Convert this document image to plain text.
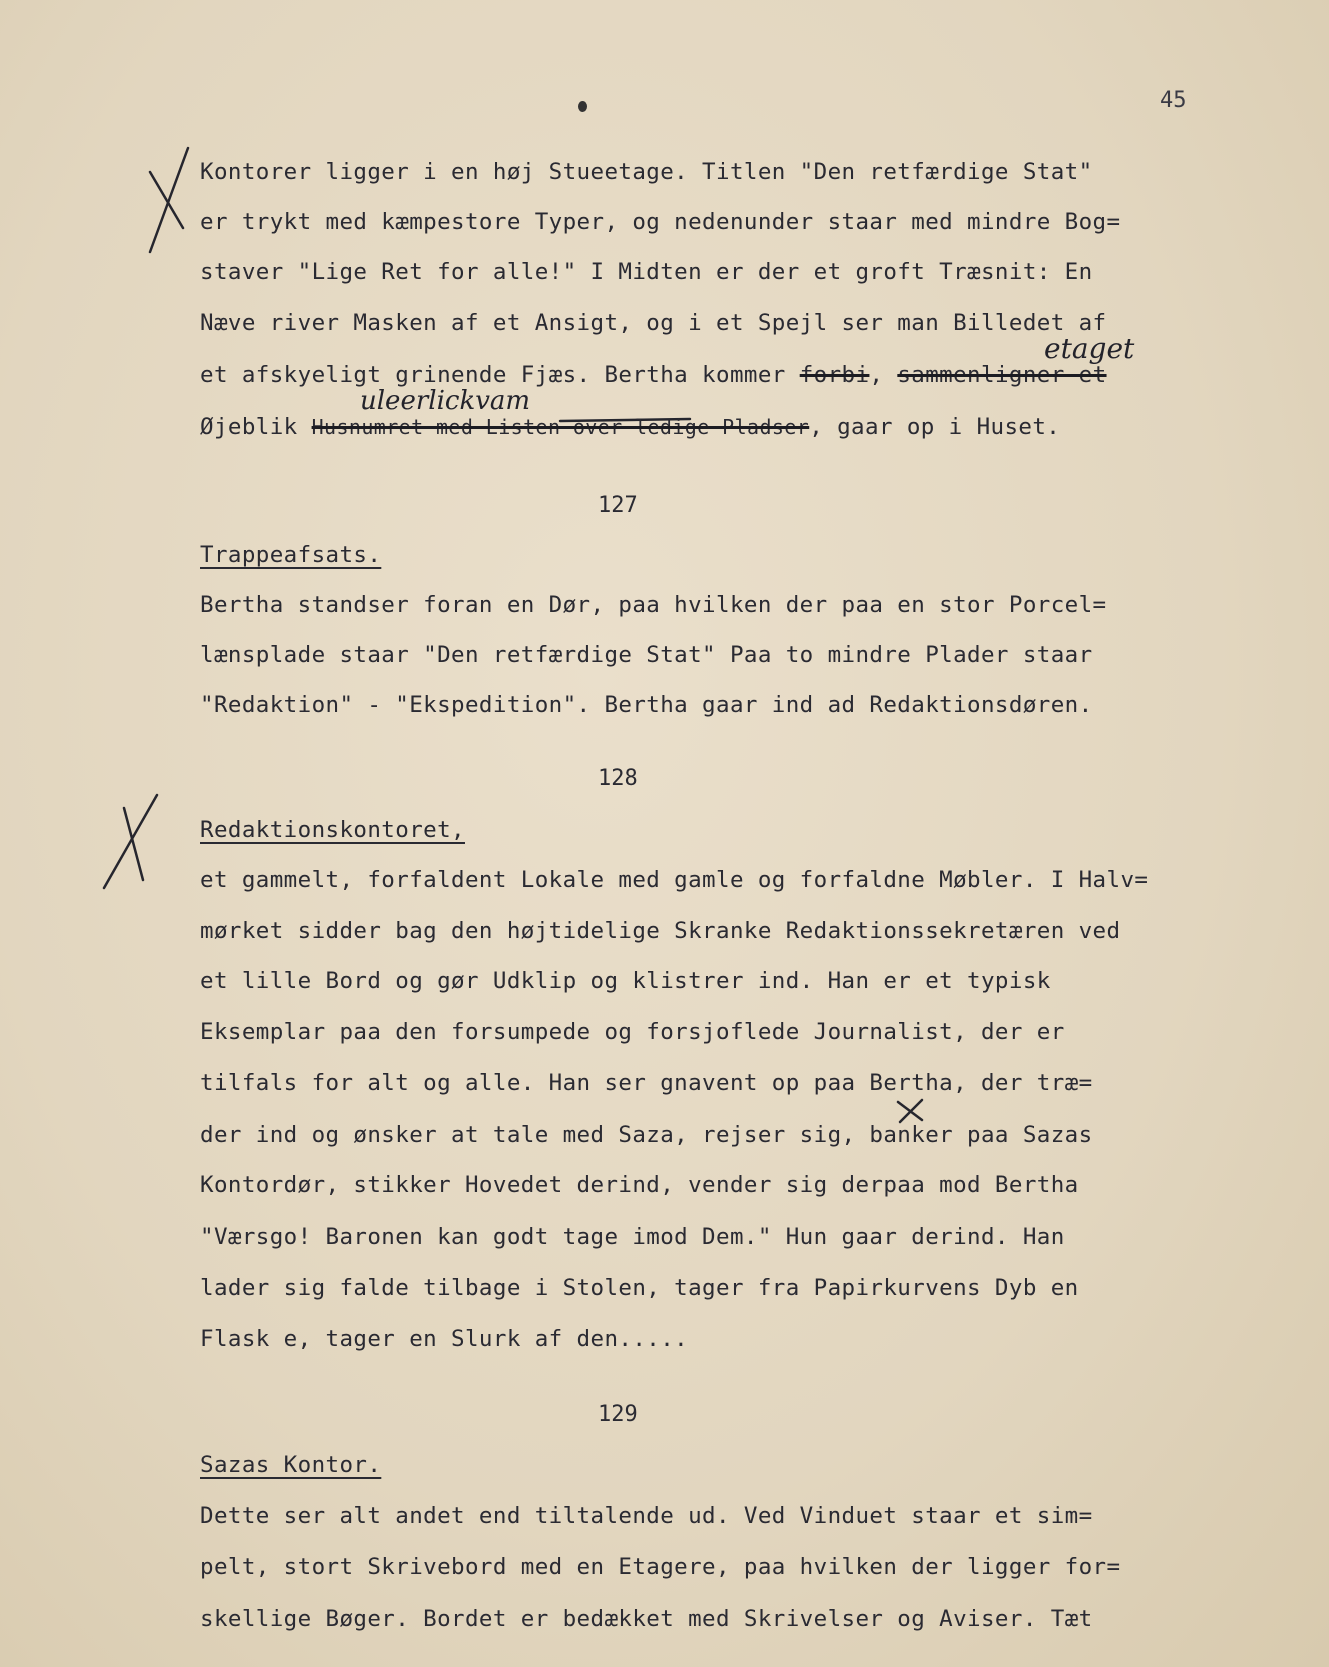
45
Kontorer ligger i en høj Stueetage. Titlen "Den retfærdige Stat"
er trykt med kæmpestore Typer, og nedenunder staar med mindre Bog=
staver "Lige Ret for alle!" I Midten er der et groft Træsnit: En
Næve river Masken af et Ansigt, og i et Spejl ser man Billedet af
etaget
et afskyeligt grinende Fjæs. Bertha kommer forbi, sammenligner et
uleerlickvam
Øjeblik Husnumret med Listen over ledige Pladser, gaar op i Huset.
127
Trappeafsats.
Bertha standser foran en Dør, paa hvilken der paa en stor Porcel=
lænsplade staar "Den retfærdige Stat" Paa to mindre Plader staar
"Redaktion" - "Ekspedition". Bertha gaar ind ad Redaktionsdøren.
128
Redaktionskontoret,
et gammelt, forfaldent Lokale med gamle og forfaldne Møbler. I Halv=
mørket sidder bag den højtidelige Skranke Redaktionssekretæren ved
et lille Bord og gør Udklip og klistrer ind. Han er et typisk
Eksemplar paa den forsumpede og forsjoflede Journalist, der er
tilfals for alt og alle. Han ser gnavent op paa Bertha, der træ=
der ind og ønsker at tale med Saza, rejser sig, banker paa Sazas
Kontordør, stikker Hovedet derind, vender sig derpaa mod Bertha
"Værsgo! Baronen kan godt tage imod Dem." Hun gaar derind. Han
lader sig falde tilbage i Stolen, tager fra Papirkurvens Dyb en
Flask e, tager en Slurk af den.....
129
Sazas Kontor.
Dette ser alt andet end tiltalende ud. Ved Vinduet staar et sim=
pelt, stort Skrivebord med en Etagere, paa hvilken der ligger for=
skellige Bøger. Bordet er bedækket med Skrivelser og Aviser. Tæt
